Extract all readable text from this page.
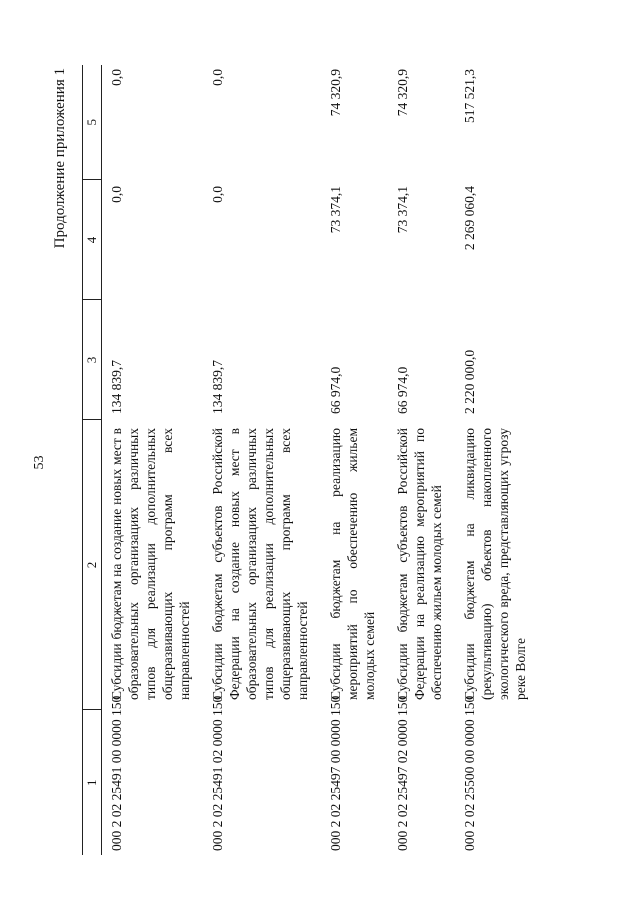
53
Продолжение приложения 1
1	2	3	4	5
000 2 02 25491 00 0000 150	Субсидии бюджетам на создание новых мест в образовательных организациях различных типов для реализации дополнительных общеразвивающих программ всех направленностей	134 839,7	0,0	0,0
000 2 02 25491 02 0000 150	Субсидии бюджетам субъектов Российской Федерации на создание новых мест в образовательных организациях различных типов для реализации дополнительных общеразвивающих программ всех направленностей	134 839,7	0,0	0,0
000 2 02 25497 00 0000 150	Субсидии бюджетам на реализацию мероприятий по обеспечению жильем молодых семей	66 974,0	73 374,1	74 320,9
000 2 02 25497 02 0000 150	Субсидии бюджетам субъектов Российской Федерации на реализацию мероприятий по обеспечению жильем молодых семей	66 974,0	73 374,1	74 320,9
000 2 02 25500 00 0000 150	Субсидии бюджетам на ликвидацию (рекультивацию) объектов накопленного экологического вреда, представляющих угрозу реке Волге	2 220 000,0	2 269 060,4	517 521,3
